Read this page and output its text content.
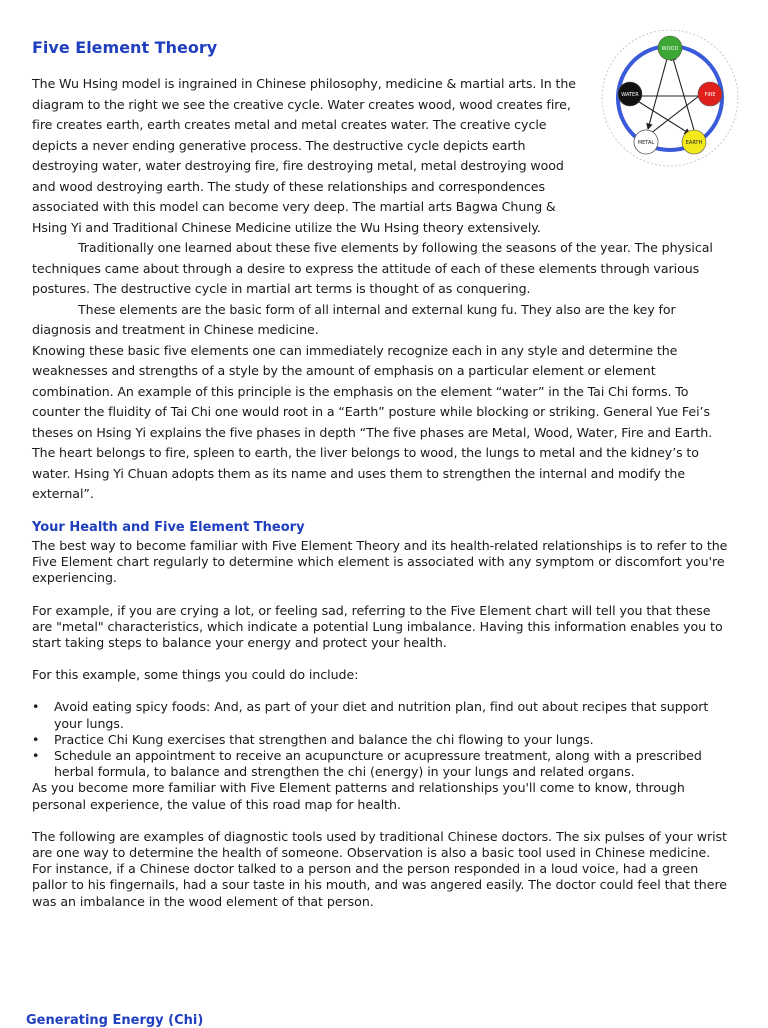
Five Element Theory	WOOD
FIRE
EARTH
METAL
WATER

The Wu Hsing model is ingrained in Chinese philosophy, medicine & martial arts. In the diagram to the right we see the creative cycle. Water creates wood, wood creates fire, fire creates earth, earth creates metal and metal creates water. The creative cycle depicts a never ending generative process. The destructive cycle depicts earth destroying water, water destroying fire, fire destroying metal, metal destroying wood and wood destroying earth. The study of these relationships and correspondences associated with this model can become very deep. The martial arts Bagwa Chung & Hsing Yi and Traditional Chinese Medicine utilize the Wu Hsing theory extensively.

Traditionally one learned about these five elements by following the seasons of the year. The physical techniques came about through a desire to express the attitude of each of these elements through various postures. The destructive cycle in martial art terms is thought of as conquering.

These elements are the basic form of all internal and external kung fu. They also are the key for diagnosis and treatment in Chinese medicine.

Knowing these basic five elements one can immediately recognize each in any style and determine the weaknesses and strengths of a style by the amount of emphasis on a particular element or element combination. An example of this principle is the emphasis on the element “water” in the Tai Chi forms. To counter the fluidity of Tai Chi one would root in a “Earth” posture while blocking or striking. General Yue Fei’s theses on Hsing Yi explains the five phases in depth “The five phases are Metal, Wood, Water, Fire and Earth. The heart belongs to fire, spleen to earth, the liver belongs to wood, the lungs to metal and the kidney’s to water. Hsing Yi Chuan adopts them as its name and uses them to strengthen the internal and modify the external”.

Your Health and Five Element Theory

The best way to become familiar with Five Element Theory and its health-related relationships is to refer to the Five Element chart regularly to determine which element is associated with any symptom or discomfort you're experiencing.

For example, if you are crying a lot, or feeling sad, referring to the Five Element chart will tell you that these are "metal" characteristics, which indicate a potential Lung imbalance. Having this information enables you to start taking steps to balance your energy and protect your health.

For this example, some things you could do include:

• Avoid eating spicy foods: And, as part of your diet and nutrition plan, find out about recipes that support your lungs.
• Practice Chi Kung exercises that strengthen and balance the chi flowing to your lungs.
• Schedule an appointment to receive an acupuncture or acupressure treatment, along with a prescribed herbal formula, to balance and strengthen the chi (energy) in your lungs and related organs.

As you become more familiar with Five Element patterns and relationships you'll come to know, through personal experience, the value of this road map for health.

The following are examples of diagnostic tools used by traditional Chinese doctors. The six pulses of your wrist are one way to determine the health of someone. Observation is also a basic tool used in Chinese medicine. For instance, if a Chinese doctor talked to a person and the person responded in a loud voice, had a green pallor to his fingernails, had a sour taste in his mouth, and was angered easily. The doctor could feel that there was an imbalance in the wood element of that person.

Generating Energy (Chi)
